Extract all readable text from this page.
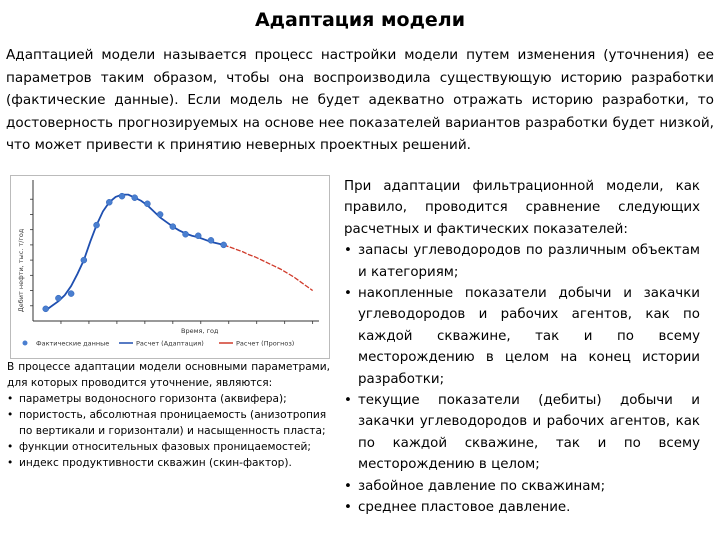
Адаптация модели

Адаптацией модели называется процесс настройки модели путем изменения (уточнения) ее параметров таким образом, чтобы она воспроизводила существующую историю разработки (фактические данные). Если модель не будет адекватно отражать историю разработки, то достоверность прогнозируемых на основе нее показателей вариантов разработки будет низкой, что может привести к принятию неверных проектных решений.

Дебит нефти, тыс. т/год
Время, год
Фактические данные	Расчет (Адаптация)	Расчет (Прогноз)

В процессе адаптации модели основными параметрами, для которых проводится уточнение, являются:

• параметры водоносного горизонта (аквифера);
• пористость, абсолютная проницаемость (анизотропия по вертикали и горизонтали) и насыщенность пласта;
• функции относительных фазовых проницаемостей;
• индекс продуктивности скважин (скин-фактор).

При адаптации фильтрационной модели, как правило, проводится сравнение следующих расчетных и фактических показателей:

• запасы углеводородов по различным объектам и категориям;
• накопленные показатели добычи и закачки углеводородов и рабочих агентов, как по каждой скважине, так и по всему месторождению в целом на конец истории разработки;
• текущие показатели (дебиты) добычи и закачки углеводородов и рабочих агентов, как по каждой скважине, так и по всему месторождению в целом;
• забойное давление по скважинам;
• среднее пластовое давление.
